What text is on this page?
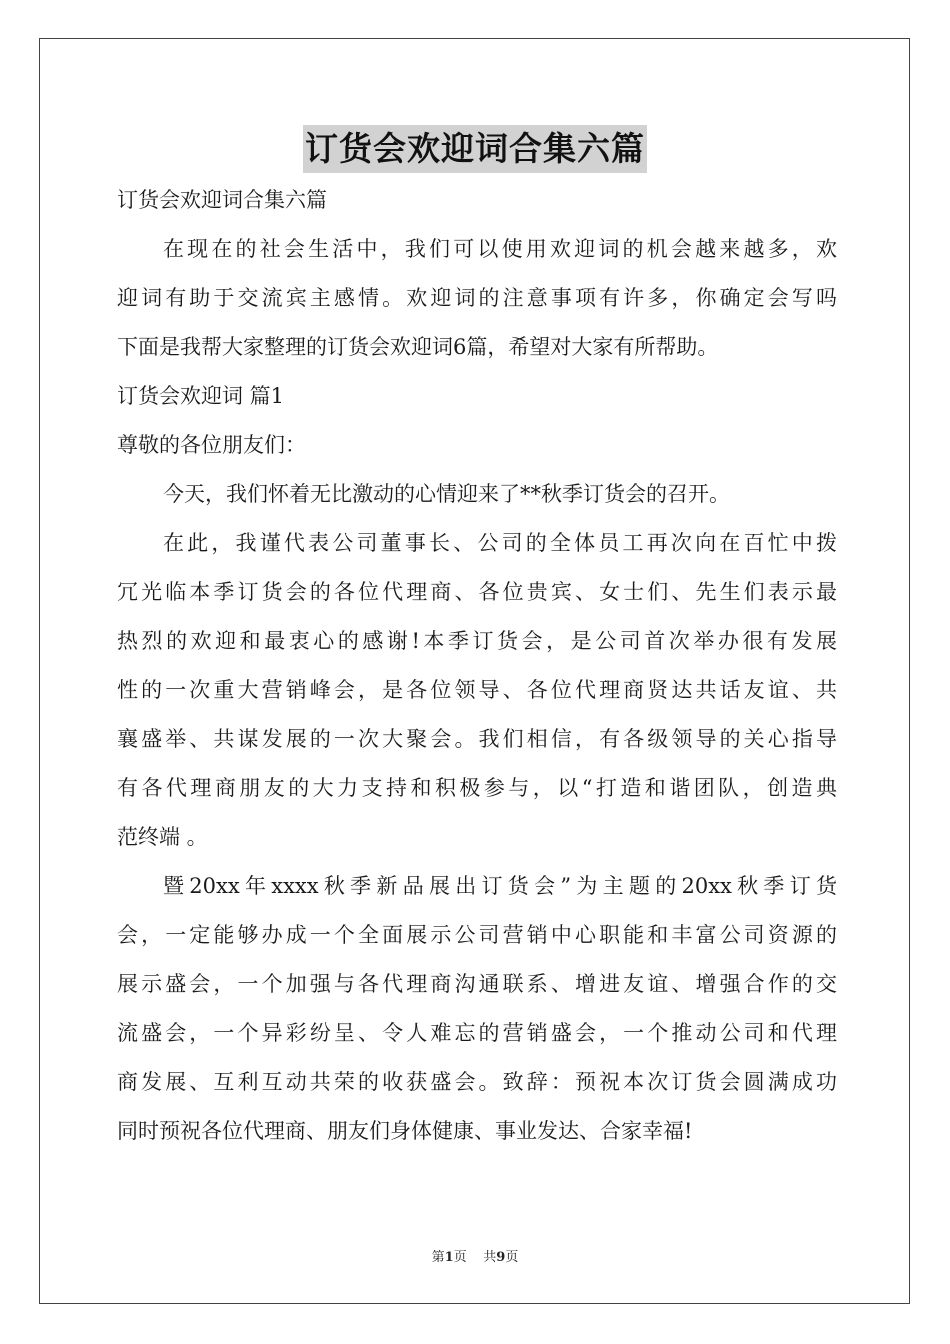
订货会欢迎词合集六篇
订货会欢迎词合集六篇
在现在的社会生活中，我们可以使用欢迎词的机会越来越多，欢
迎词有助于交流宾主感情。欢迎词的注意事项有许多，你确定会写吗
下面是我帮大家整理的订货会欢迎词6篇，希望对大家有所帮助。
订货会欢迎词 篇1
尊敬的各位朋友们：
今天，我们怀着无比激动的心情迎来了**秋季订货会的召开。
在此，我谨代表公司董事长、公司的全体员工再次向在百忙中拨
冗光临本季订货会的各位代理商、各位贵宾、女士们、先生们表示最
热烈的欢迎和最衷心的感谢!本季订货会，是公司首次举办很有发展
性的一次重大营销峰会，是各位领导、各位代理商贤达共话友谊、共
襄盛举、共谋发展的一次大聚会。我们相信，有各级领导的关心指导
有各代理商朋友的大力支持和积极参与，以“打造和谐团队，创造典
范终端 。
暨20xx年xxxx秋季新品展出订货会”为主题的20xx秋季订货
会，一定能够办成一个全面展示公司营销中心职能和丰富公司资源的
展示盛会，一个加强与各代理商沟通联系、增进友谊、增强合作的交
流盛会，一个异彩纷呈、令人难忘的营销盛会，一个推动公司和代理
商发展、互利互动共荣的收获盛会。致辞：预祝本次订货会圆满成功
同时预祝各位代理商、朋友们身体健康、事业发达、合家幸福!
第1页 共9页
